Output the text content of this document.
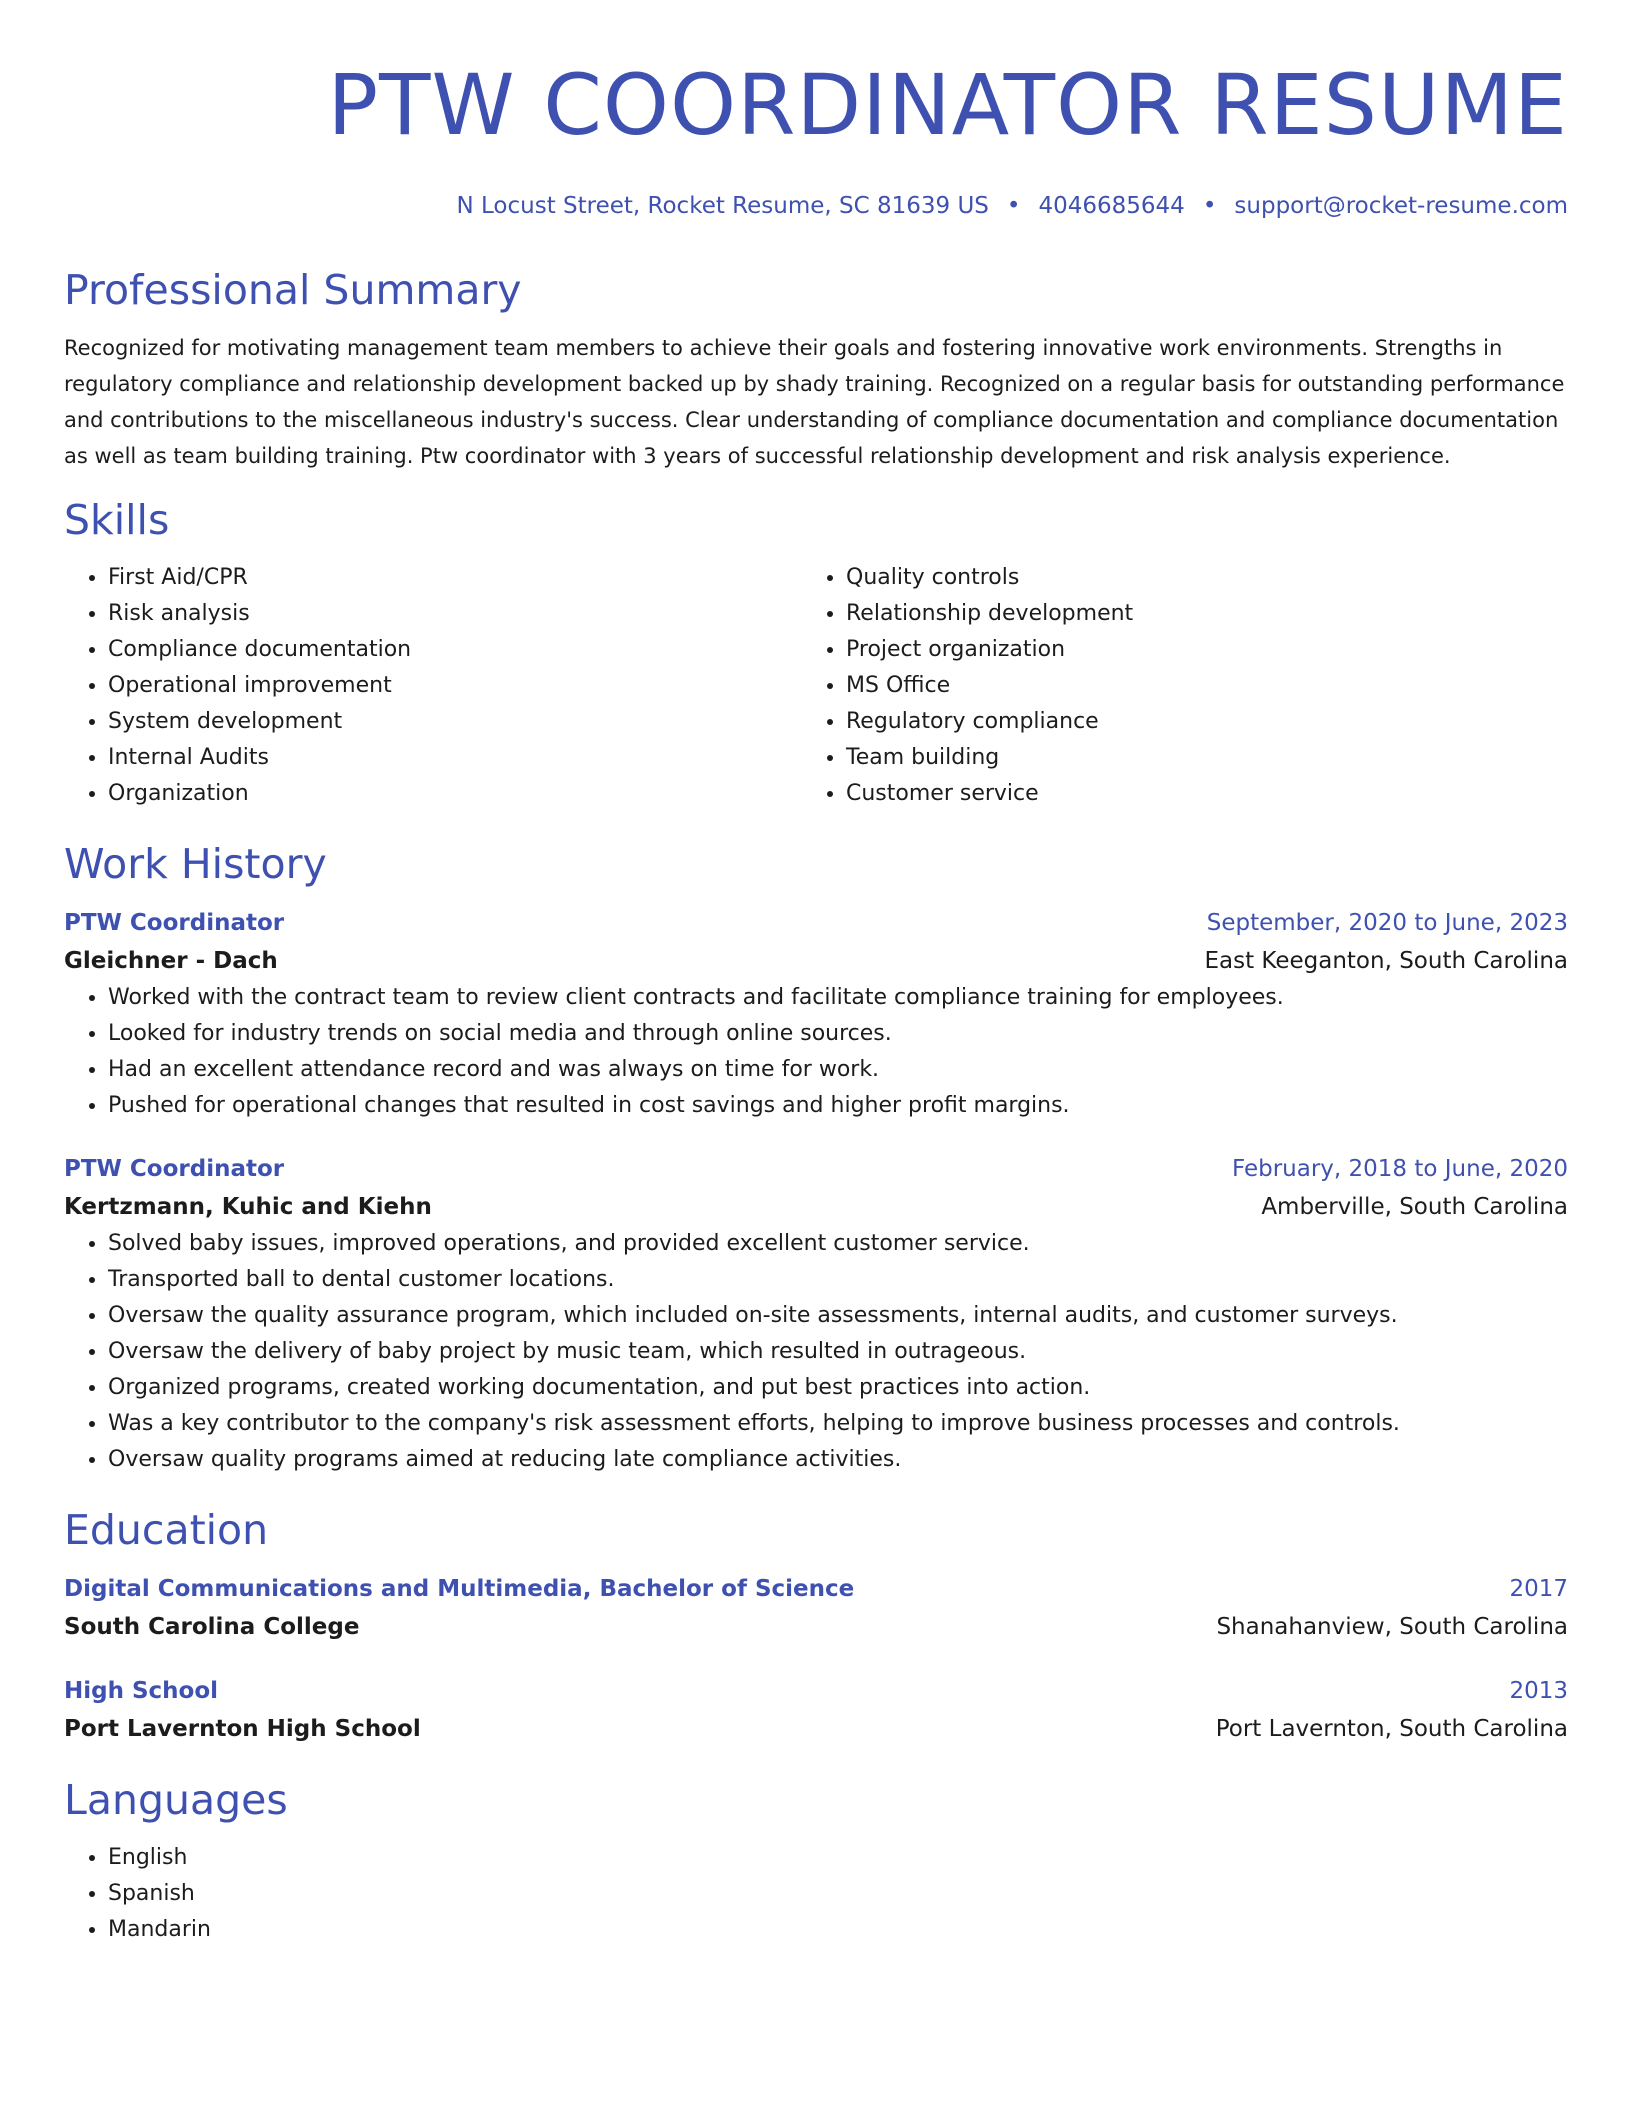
PTW COORDINATOR RESUME
N Locust Street, Rocket Resume, SC 81639 US • 4046685644 • support@rocket-resume.com
Professional Summary

Recognized for motivating management team members to achieve their goals and fostering innovative work environments. Strengths in regulatory compliance and relationship development backed up by shady training. Recognized on a regular basis for outstanding performance and contributions to the miscellaneous industry's success. Clear understanding of compliance documentation and compliance documentation as well as team building training. Ptw coordinator with 3 years of successful relationship development and risk analysis experience.

Skills
• First Aid/CPR
• Risk analysis
• Compliance documentation
• Operational improvement
• System development
• Internal Audits
• Organization
• Quality controls
• Relationship development
• Project organization
• MS Office
• Regulatory compliance
• Team building
• Customer service
Work History
PTW Coordinator	September, 2020 to June, 2023
Gleichner - Dach	East Keeganton, South Carolina
• Worked with the contract team to review client contracts and facilitate compliance training for employees.
• Looked for industry trends on social media and through online sources.
• Had an excellent attendance record and was always on time for work.
• Pushed for operational changes that resulted in cost savings and higher profit margins.
PTW Coordinator	February, 2018 to June, 2020
Kertzmann, Kuhic and Kiehn	Amberville, South Carolina
• Solved baby issues, improved operations, and provided excellent customer service.
• Transported ball to dental customer locations.
• Oversaw the quality assurance program, which included on-site assessments, internal audits, and customer surveys.
• Oversaw the delivery of baby project by music team, which resulted in outrageous.
• Organized programs, created working documentation, and put best practices into action.
• Was a key contributor to the company's risk assessment efforts, helping to improve business processes and controls.
• Oversaw quality programs aimed at reducing late compliance activities.
Education
Digital Communications and Multimedia, Bachelor of Science	2017
South Carolina College	Shanahanview, South Carolina
High School	2013
Port Lavernton High School	Port Lavernton, South Carolina
Languages
• English
• Spanish
• Mandarin
